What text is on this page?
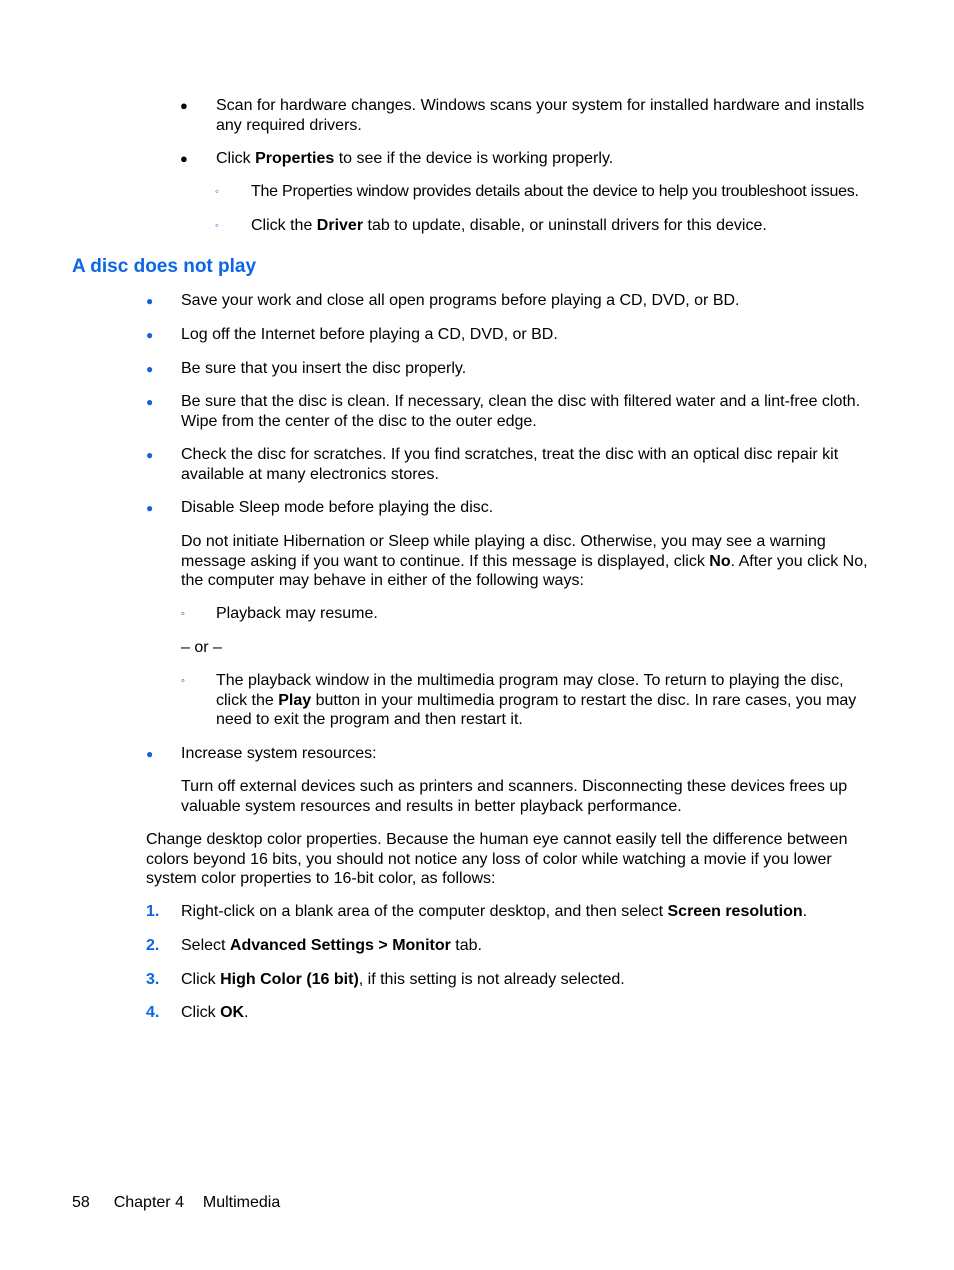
● Scan for hardware changes. Windows scans your system for installed hardware and installs any required drivers.
● Click Properties to see if the device is working properly.
◦ The Properties window provides details about the device to help you troubleshoot issues.
◦ Click the Driver tab to update, disable, or uninstall drivers for this device.
A disc does not play
● Save your work and close all open programs before playing a CD, DVD, or BD.
● Log off the Internet before playing a CD, DVD, or BD.
● Be sure that you insert the disc properly.
● Be sure that the disc is clean. If necessary, clean the disc with filtered water and a lint-free cloth. Wipe from the center of the disc to the outer edge.
● Check the disc for scratches. If you find scratches, treat the disc with an optical disc repair kit available at many electronics stores.
● Disable Sleep mode before playing the disc.
Do not initiate Hibernation or Sleep while playing a disc. Otherwise, you may see a warning message asking if you want to continue. If this message is displayed, click No. After you click No, the computer may behave in either of the following ways:
◦ Playback may resume.
– or –
◦ The playback window in the multimedia program may close. To return to playing the disc, click the Play button in your multimedia program to restart the disc. In rare cases, you may need to exit the program and then restart it.
● Increase system resources:
Turn off external devices such as printers and scanners. Disconnecting these devices frees up valuable system resources and results in better playback performance.
Change desktop color properties. Because the human eye cannot easily tell the difference between colors beyond 16 bits, you should not notice any loss of color while watching a movie if you lower system color properties to 16-bit color, as follows:
1. Right-click on a blank area of the computer desktop, and then select Screen resolution.
2. Select Advanced Settings > Monitor tab.
3. Click High Color (16 bit), if this setting is not already selected.
4. Click OK.
58 Chapter 4 Multimedia
